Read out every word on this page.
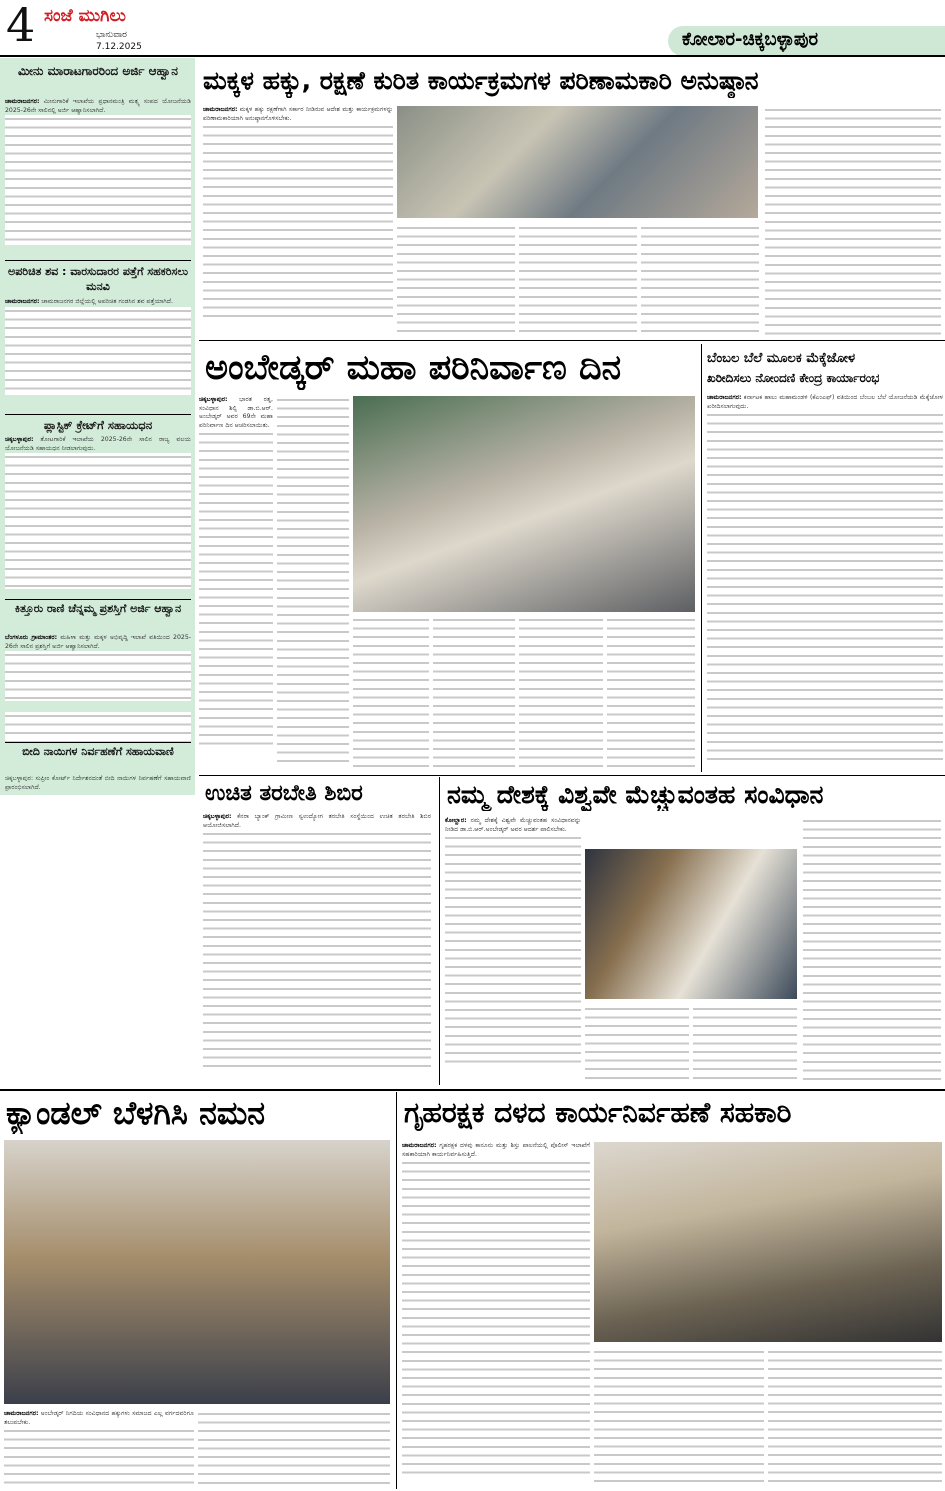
4 ಸಂಜೆ ಮುಗಿಲು
ಭಾನುವಾರ
7.12.2025	ಕೋಲಾರ-ಚಿಕ್ಕಬಳ್ಳಾಪುರ
ಮೀನು ಮಾರಾಟಗಾರರಿಂದ ಅರ್ಜಿ ಆಹ್ವಾನ
ಚಾಮರಾಜನಗರ: ಮೀನುಗಾರಿಕೆ ಇಲಾಖೆಯ ಪ್ರಧಾನಮಂತ್ರಿ ಮತ್ಸ್ಯ ಸಂಪದ ಯೋಜನೆಯಡಿ 2025-26ನೇ ಸಾಲಿನಲ್ಲಿ ಅರ್ಜಿ ಆಹ್ವಾನಿಸಲಾಗಿದೆ.
ಅಪರಿಚಿತ ಶವ : ವಾರಸುದಾರರ ಪತ್ತೆಗೆ ಸಹಕರಿಸಲು ಮನವಿ
ಚಾಮರಾಜನಗರ: ಚಾಮರಾಜನಗರ ಜಿಲ್ಲೆಯಲ್ಲಿ ಅಪರಿಚಿತ ಗಂಡಸಿನ ಶವ ಪತ್ತೆಯಾಗಿದೆ.
ಪ್ಲಾಸ್ಟಿಕ್ ಕ್ರೇಟ್‌ಗೆ ಸಹಾಯಧನ
ಚಿಕ್ಕಬಳ್ಳಾಪುರ: ತೋಟಗಾರಿಕೆ ಇಲಾಖೆಯ 2025-26ನೇ ಸಾಲಿನ ರಾಜ್ಯ ವಲಯ ಯೋಜನೆಯಡಿ ಸಹಾಯಧನ ನೀಡಲಾಗುವುದು.
ಕಿತ್ತೂರು ರಾಣಿ ಚೆನ್ನಮ್ಮ ಪ್ರಶಸ್ತಿಗೆ ಅರ್ಜಿ ಆಹ್ವಾನ
ಬೆಂಗಳೂರು ಗ್ರಾಮಾಂತರ: ಮಹಿಳಾ ಮತ್ತು ಮಕ್ಕಳ ಅಭಿವೃದ್ಧಿ ಇಲಾಖೆ ವತಿಯಿಂದ 2025-26ನೇ ಸಾಲಿನ ಪ್ರಶಸ್ತಿಗೆ ಅರ್ಜಿ ಆಹ್ವಾನಿಸಲಾಗಿದೆ.
ಬೀದಿ ನಾಯಿಗಳ ನಿರ್ವಹಣೆಗೆ ಸಹಾಯವಾಣಿ
ಚಿಕ್ಕಬಳ್ಳಾಪುರ: ಸುಪ್ರೀಂ ಕೋರ್ಟ್ ನಿರ್ದೇಶನದಂತೆ ಬೀದಿ ನಾಯಿಗಳ ನಿರ್ವಹಣೆಗೆ ಸಹಾಯವಾಣಿ ಪ್ರಾರಂಭಿಸಲಾಗಿದೆ.
ಮಕ್ಕಳ ಹಕ್ಕು, ರಕ್ಷಣೆ ಕುರಿತ ಕಾರ್ಯಕ್ರಮಗಳ ಪರಿಣಾಮಕಾರಿ ಅನುಷ್ಠಾನ
ಚಾಮರಾಜನಗರ: ಮಕ್ಕಳ ಹಕ್ಕು ರಕ್ಷಣೆಗಾಗಿ ಸರ್ಕಾರ ನೀಡಿರುವ ಆದೇಶ ಮತ್ತು ಕಾರ್ಯಕ್ರಮಗಳನ್ನು ಪರಿಣಾಮಕಾರಿಯಾಗಿ ಅನುಷ್ಠಾನಗೊಳಿಸಬೇಕು.
ಅಂಬೇಡ್ಕರ್ ಮಹಾ ಪರಿನಿರ್ವಾಣ ದಿನ
ಚಿಕ್ಕಬಳ್ಳಾಪುರ: ಭಾರತ ರತ್ನ, ಸಂವಿಧಾನ ಶಿಲ್ಪಿ ಡಾ.ಬಿ.ಆರ್. ಅಂಬೇಡ್ಕರ್ ಅವರ 69ನೇ ಮಹಾ ಪರಿನಿರ್ವಾಣ ದಿನ ಆಚರಿಸಲಾಯಿತು.
ಬೆಂಬಲ ಬೆಲೆ ಮೂಲಕ ಮೆಕ್ಕೆಜೋಳ
ಖರೀದಿಸಲು ನೋಂದಣಿ ಕೇಂದ್ರ ಕಾರ್ಯಾರಂಭ
ಚಾಮರಾಜನಗರ: ಕರ್ನಾಟಕ ಹಾಲು ಮಹಾಮಂಡಳಿ (ಕೆಎಂಎಫ್) ವತಿಯಿಂದ ಬೆಂಬಲ ಬೆಲೆ ಯೋಜನೆಯಡಿ ಮೆಕ್ಕೆಜೋಳ ಖರೀದಿಸಲಾಗುವುದು.
ಉಚಿತ ತರಬೇತಿ ಶಿಬಿರ
ಚಿಕ್ಕಬಳ್ಳಾಪುರ: ಕೆನರಾ ಬ್ಯಾಂಕ್ ಗ್ರಾಮೀಣ ಸ್ವಉದ್ಯೋಗ ತರಬೇತಿ ಸಂಸ್ಥೆಯಿಂದ ಉಚಿತ ತರಬೇತಿ ಶಿಬಿರ ಆಯೋಜಿಸಲಾಗಿದೆ.
ನಮ್ಮ ದೇಶಕ್ಕೆ ವಿಶ್ವವೇ ಮೆಚ್ಚುವಂತಹ ಸಂವಿಧಾನ
ಕೋಲ್ಹಾರ: ನಮ್ಮ ದೇಶಕ್ಕೆ ವಿಶ್ವವೇ ಮೆಚ್ಚುವಂತಹ ಸಂವಿಧಾನವನ್ನು ನೀಡಿದ ಡಾ.ಬಿ.ಆರ್.ಅಂಬೇಡ್ಕರ್ ಅವರ ಆದರ್ಶ ಪಾಲಿಸಬೇಕು.
ಕ್ಯಾಂಡಲ್ ಬೆಳಗಿಸಿ ನಮನ
ಚಾಮರಾಜನಗರ: ಅಂಬೇಡ್ಕರ್ ನಿಗದಿಯ ಸಂವಿಧಾನದ ಹಕ್ಕುಗಳು ಸಮಾಜದ ಎಲ್ಲ ವರ್ಗದವರಿಗೂ ತಲುಪಬೇಕು.
ಗೃಹರಕ್ಷಕ ದಳದ ಕಾರ್ಯನಿರ್ವಹಣೆ ಸಹಕಾರಿ
ಚಾಮರಾಜನಗರ: ಗೃಹರಕ್ಷಕ ದಳವು ಕಾನೂನು ಮತ್ತು ಶಿಸ್ತು ಪಾಲನೆಯಲ್ಲಿ ಪೊಲೀಸ್ ಇಲಾಖೆಗೆ ಸಹಕಾರಿಯಾಗಿ ಕಾರ್ಯನಿರ್ವಹಿಸುತ್ತಿದೆ.
